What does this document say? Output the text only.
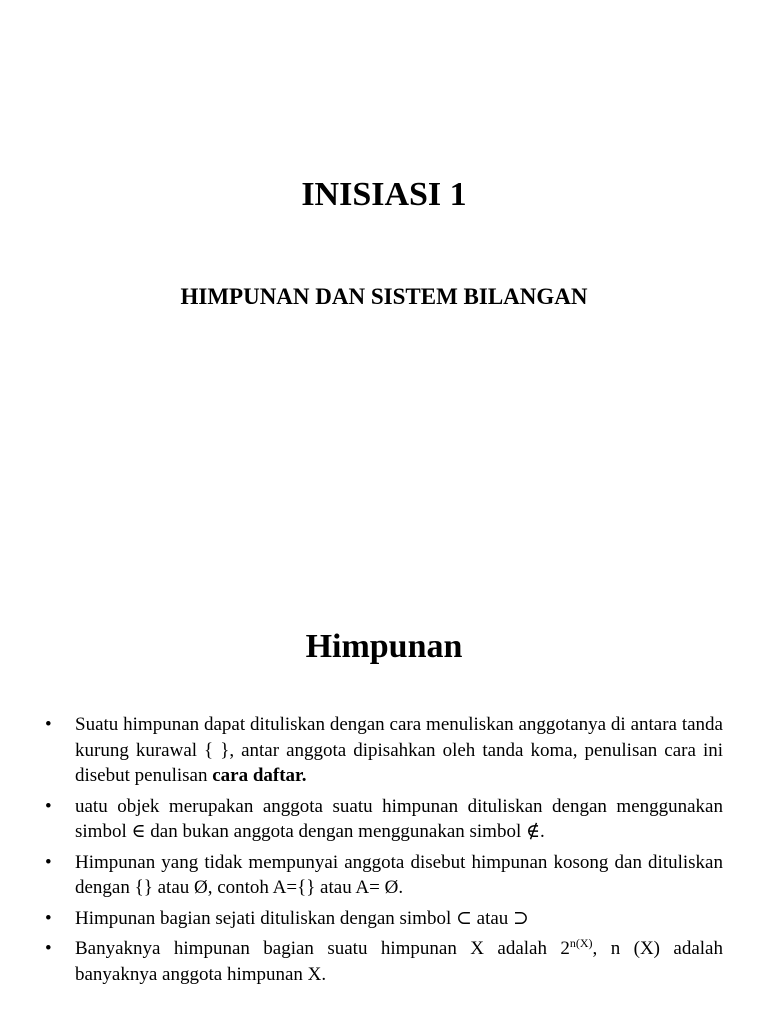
INISIASI 1
HIMPUNAN DAN SISTEM BILANGAN
Himpunan
• Suatu himpunan dapat dituliskan dengan cara menuliskan anggotanya di antara tanda kurung kurawal { }, antar anggota dipisahkan oleh tanda koma, penulisan cara ini disebut penulisan cara daftar.
• uatu objek merupakan anggota suatu himpunan dituliskan dengan menggunakan simbol ∈ dan bukan anggota dengan menggunakan simbol ∉.
• Himpunan yang tidak mempunyai anggota disebut himpunan kosong dan dituliskan dengan {} atau Ø, contoh A={} atau A= Ø.
• Himpunan bagian sejati dituliskan dengan simbol ⊂ atau ⊃
• Banyaknya himpunan bagian suatu himpunan X adalah $2^{n(X)}$, n (X) adalah banyaknya anggota himpunan X.
